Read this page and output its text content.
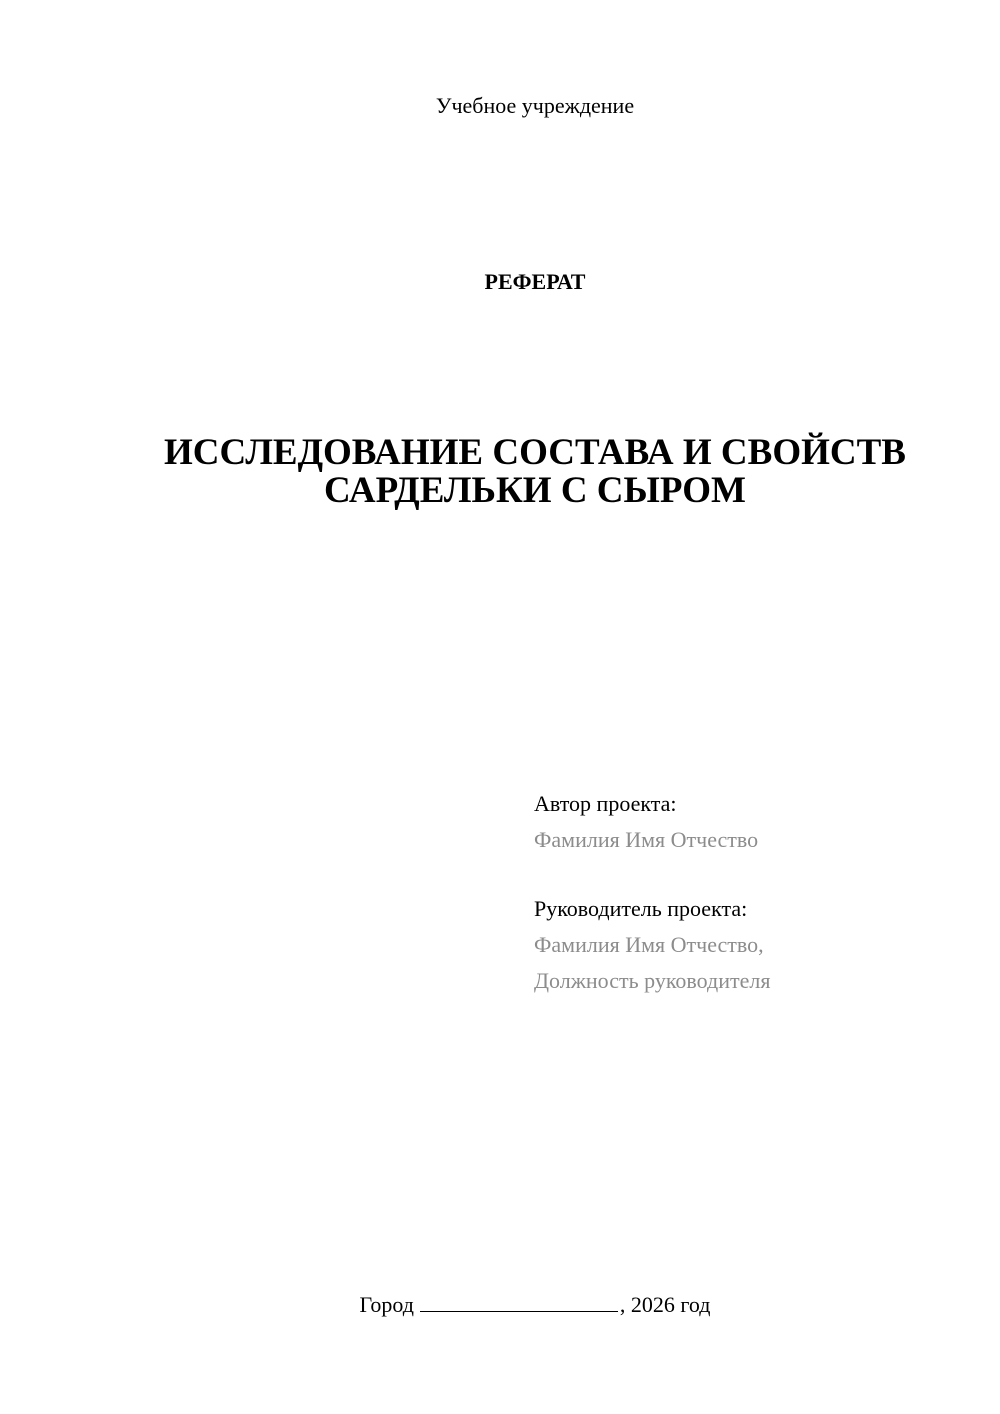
Учебное учреждение
РЕФЕРАТ
ИССЛЕДОВАНИЕ СОСТАВА И СВОЙСТВ
САРДЕЛЬКИ С СЫРОМ
Автор проекта:
Фамилия Имя Отчество
Руководитель проекта:
Фамилия Имя Отчество,
Должность руководителя
Город	, 2026 год
